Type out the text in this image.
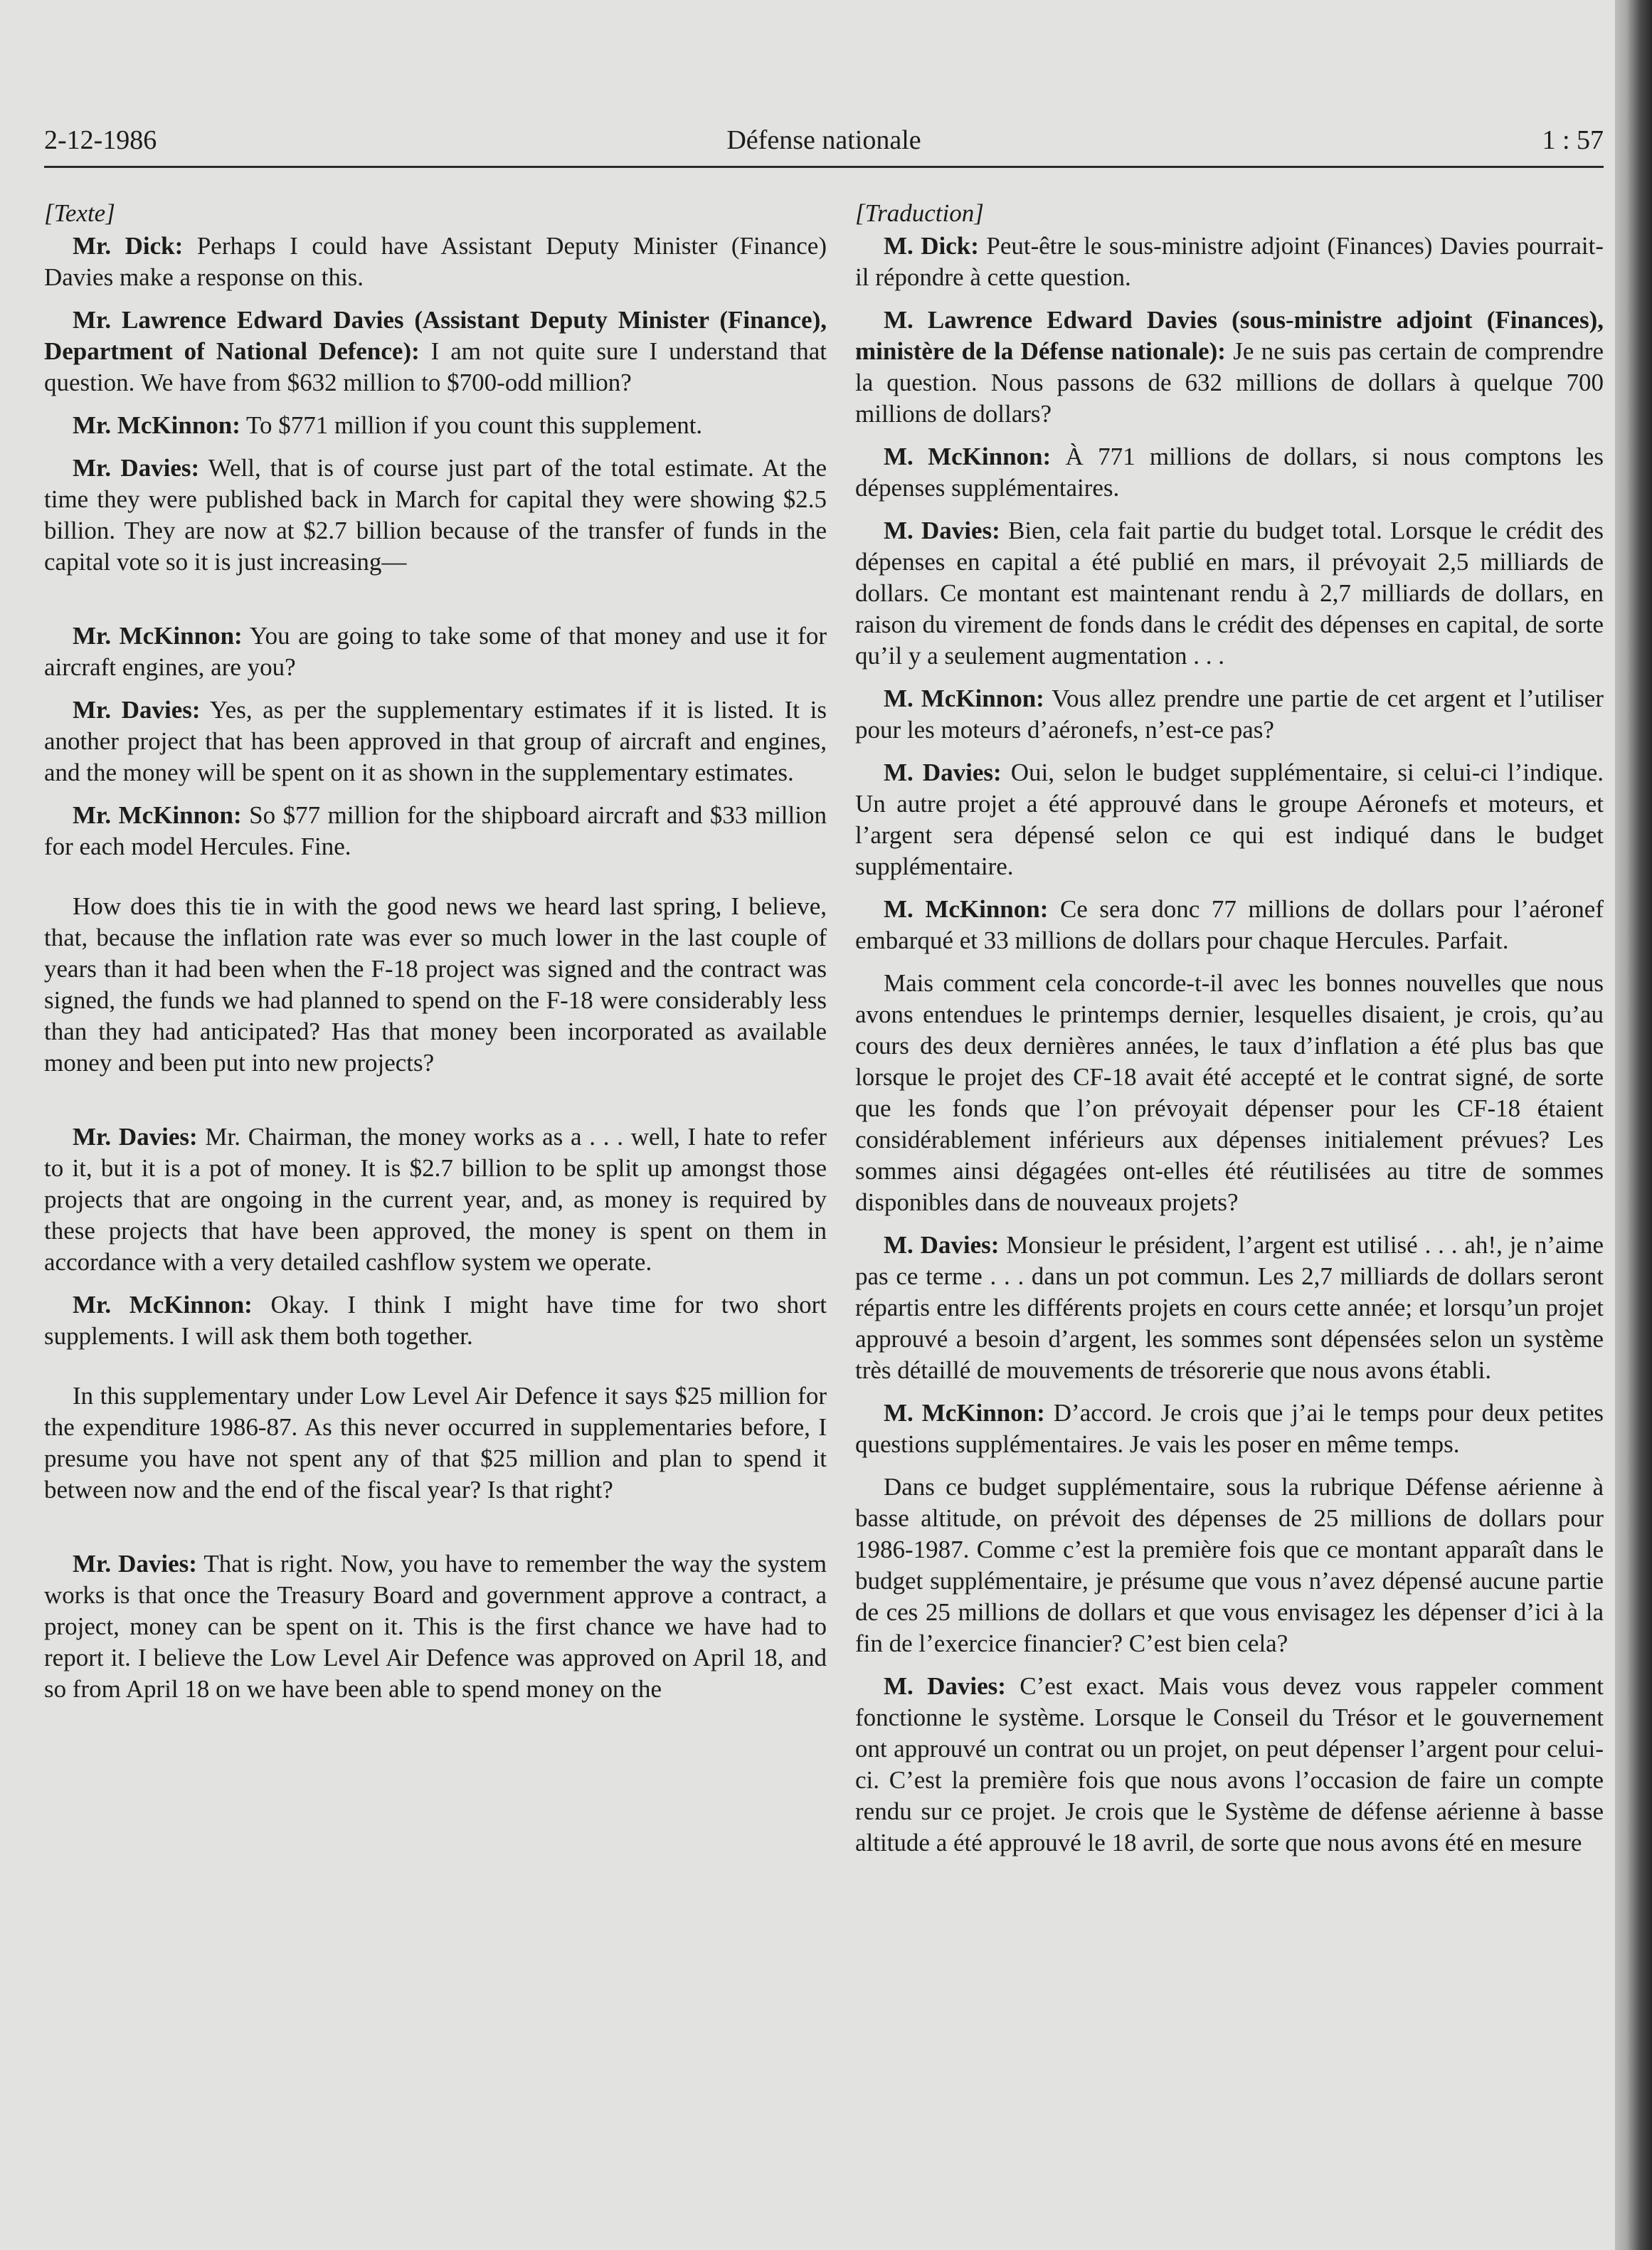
2-12-1986	Défense nationale	1 : 57

[Texte]

Mr. Dick: Perhaps I could have Assistant Deputy Minister (Finance) Davies make a response on this.

Mr. Lawrence Edward Davies (Assistant Deputy Minister (Finance), Department of National Defence): I am not quite sure I understand that question. We have from $632 million to $700-odd million?

Mr. McKinnon: To $771 million if you count this supplement.

Mr. Davies: Well, that is of course just part of the total estimate. At the time they were published back in March for capital they were showing $2.5 billion. They are now at $2.7 billion because of the transfer of funds in the capital vote so it is just increasing—

Mr. McKinnon: You are going to take some of that money and use it for aircraft engines, are you?

Mr. Davies: Yes, as per the supplementary estimates if it is listed. It is another project that has been approved in that group of aircraft and engines, and the money will be spent on it as shown in the supplementary estimates.

Mr. McKinnon: So $77 million for the shipboard aircraft and $33 million for each model Hercules. Fine.

How does this tie in with the good news we heard last spring, I believe, that, because the inflation rate was ever so much lower in the last couple of years than it had been when the F-18 project was signed and the contract was signed, the funds we had planned to spend on the F-18 were considerably less than they had anticipated? Has that money been incorporated as available money and been put into new projects?

Mr. Davies: Mr. Chairman, the money works as a . . . well, I hate to refer to it, but it is a pot of money. It is $2.7 billion to be split up amongst those projects that are ongoing in the current year, and, as money is required by these projects that have been approved, the money is spent on them in accordance with a very detailed cashflow system we operate.

Mr. McKinnon: Okay. I think I might have time for two short supplements. I will ask them both together.

In this supplementary under Low Level Air Defence it says $25 million for the expenditure 1986-87. As this never occurred in supplementaries before, I presume you have not spent any of that $25 million and plan to spend it between now and the end of the fiscal year? Is that right?

Mr. Davies: That is right. Now, you have to remember the way the system works is that once the Treasury Board and government approve a contract, a project, money can be spent on it. This is the first chance we have had to report it. I believe the Low Level Air Defence was approved on April 18, and so from April 18 on we have been able to spend money on the

[Traduction]

M. Dick: Peut-être le sous-ministre adjoint (Finances) Davies pourrait-il répondre à cette question.

M. Lawrence Edward Davies (sous-ministre adjoint (Finances), ministère de la Défense nationale): Je ne suis pas certain de comprendre la question. Nous passons de 632 millions de dollars à quelque 700 millions de dollars?

M. McKinnon: À 771 millions de dollars, si nous comptons les dépenses supplémentaires.

M. Davies: Bien, cela fait partie du budget total. Lorsque le crédit des dépenses en capital a été publié en mars, il prévoyait 2,5 milliards de dollars. Ce montant est maintenant rendu à 2,7 milliards de dollars, en raison du virement de fonds dans le crédit des dépenses en capital, de sorte qu’il y a seulement augmentation . . .

M. McKinnon: Vous allez prendre une partie de cet argent et l’utiliser pour les moteurs d’aéronefs, n’est-ce pas?

M. Davies: Oui, selon le budget supplémentaire, si celui-ci l’indique. Un autre projet a été approuvé dans le groupe Aéronefs et moteurs, et l’argent sera dépensé selon ce qui est indiqué dans le budget supplémentaire.

M. McKinnon: Ce sera donc 77 millions de dollars pour l’aéronef embarqué et 33 millions de dollars pour chaque Hercules. Parfait.

Mais comment cela concorde-t-il avec les bonnes nouvelles que nous avons entendues le printemps dernier, lesquelles disaient, je crois, qu’au cours des deux dernières années, le taux d’inflation a été plus bas que lorsque le projet des CF-18 avait été accepté et le contrat signé, de sorte que les fonds que l’on prévoyait dépenser pour les CF-18 étaient considérablement inférieurs aux dépenses initialement prévues? Les sommes ainsi dégagées ont-elles été réutilisées au titre de sommes disponibles dans de nouveaux projets?

M. Davies: Monsieur le président, l’argent est utilisé . . . ah!, je n’aime pas ce terme . . . dans un pot commun. Les 2,7 milliards de dollars seront répartis entre les différents projets en cours cette année; et lorsqu’un projet approuvé a besoin d’argent, les sommes sont dépensées selon un système très détaillé de mouvements de trésorerie que nous avons établi.

M. McKinnon: D’accord. Je crois que j’ai le temps pour deux petites questions supplémentaires. Je vais les poser en même temps.

Dans ce budget supplémentaire, sous la rubrique Défense aérienne à basse altitude, on prévoit des dépenses de 25 millions de dollars pour 1986-1987. Comme c’est la première fois que ce montant apparaît dans le budget supplémentaire, je présume que vous n’avez dépensé aucune partie de ces 25 millions de dollars et que vous envisagez les dépenser d’ici à la fin de l’exercice financier? C’est bien cela?

M. Davies: C’est exact. Mais vous devez vous rappeler comment fonctionne le système. Lorsque le Conseil du Trésor et le gouvernement ont approuvé un contrat ou un projet, on peut dépenser l’argent pour celui-ci. C’est la première fois que nous avons l’occasion de faire un compte rendu sur ce projet. Je crois que le Système de défense aérienne à basse altitude a été approuvé le 18 avril, de sorte que nous avons été en mesure
